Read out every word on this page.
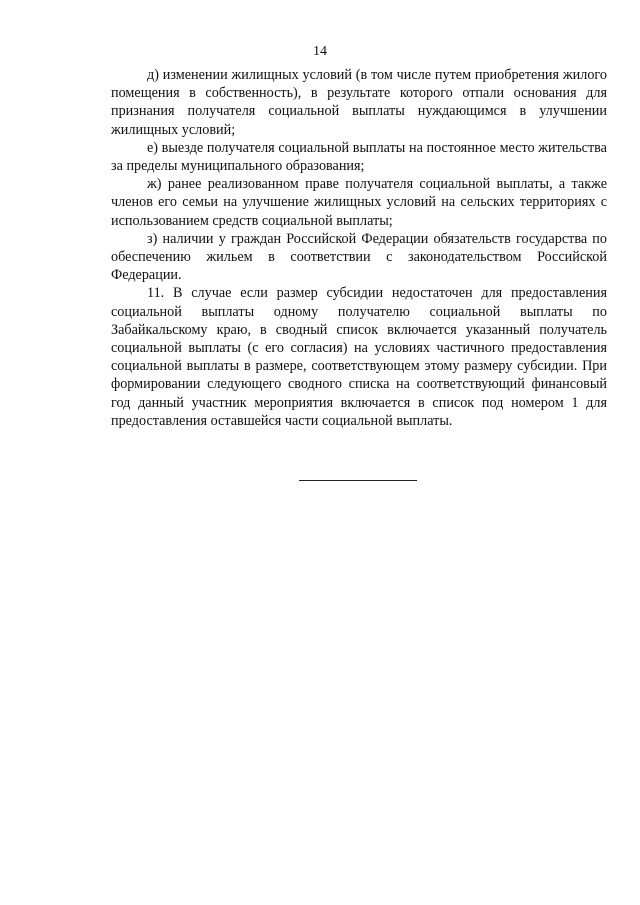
14

д) изменении жилищных условий (в том числе путем приобретения жилого помещения в собственность), в результате которого отпали основания для признания получателя социальной выплаты нуждающимся в улучшении жилищных условий;

е) выезде получателя социальной выплаты на постоянное место жительства за пределы муниципального образования;

ж) ранее реализованном праве получателя социальной выплаты, а также членов его семьи на улучшение жилищных условий на сельских территориях с использованием средств социальной выплаты;

з) наличии у граждан Российской Федерации обязательств государства по обеспечению жильем в соответствии с законодательством Российской Федерации.

11. В случае если размер субсидии недостаточен для предоставления социальной выплаты одному получателю социальной выплаты по Забайкальскому краю, в сводный список включается указанный получатель социальной выплаты (с его согласия) на условиях частичного предоставления социальной выплаты в размере, соответствующем этому размеру субсидии. При формировании следующего сводного списка на соответствующий финансовый год данный участник мероприятия включается в список под номером 1 для предоставления оставшейся части социальной выплаты.
